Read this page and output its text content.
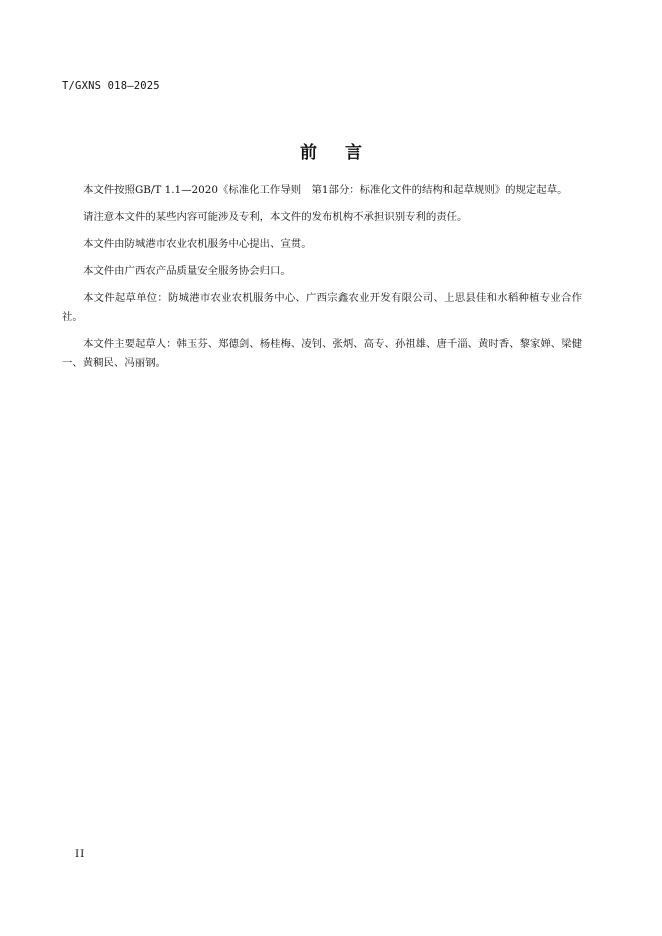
T/GXNS 018—2025
前言

本文件按照GB/T 1.1—2020《标准化工作导则　第1部分：标准化文件的结构和起草规则》的规定起草。

请注意本文件的某些内容可能涉及专利，本文件的发布机构不承担识别专利的责任。

本文件由防城港市农业农机服务中心提出、宣贯。

本文件由广西农产品质量安全服务协会归口。

本文件起草单位：防城港市农业农机服务中心、广西宗鑫农业开发有限公司、上思县佳和水稻种植专业合作社。

本文件主要起草人：韩玉芬、郑德剑、杨桂梅、凌钊、张炳、高专、孙祖雄、唐千淄、黄时香、黎家婵、梁健一、黄稠民、冯丽钢。

II
